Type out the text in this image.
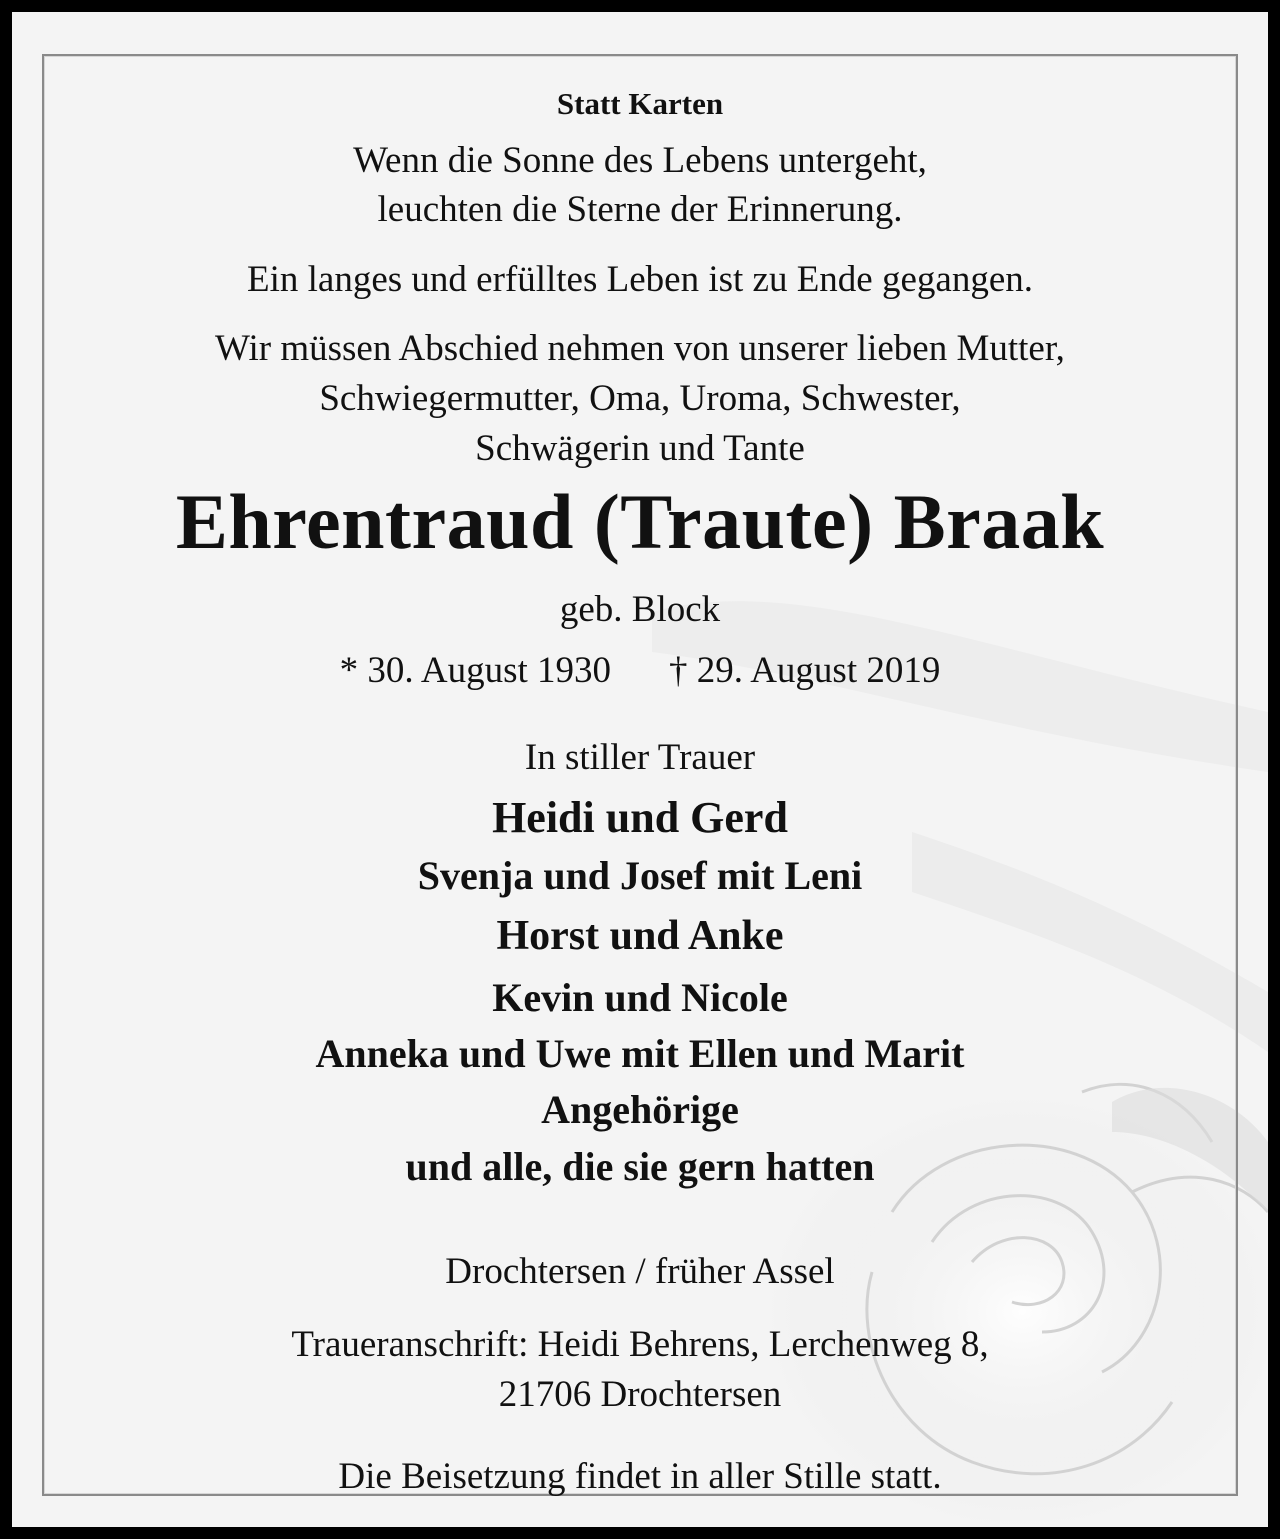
Statt Karten
Wenn die Sonne des Lebens untergeht,
leuchten die Sterne der Erinnerung.
Ein langes und erfülltes Leben ist zu Ende gegangen.
Wir müssen Abschied nehmen von unserer lieben Mutter,
Schwiegermutter, Oma, Uroma, Schwester,
Schwägerin und Tante
Ehrentraud (Traute) Braak
geb. Block
* 30. August 1930 † 29. August 2019
In stiller Trauer
Heidi und Gerd
Svenja und Josef mit Leni
Horst und Anke
Kevin und Nicole
Anneka und Uwe mit Ellen und Marit
Angehörige
und alle, die sie gern hatten
Drochtersen / früher Assel
Traueranschrift: Heidi Behrens, Lerchenweg 8,
21706 Drochtersen
Die Beisetzung findet in aller Stille statt.
